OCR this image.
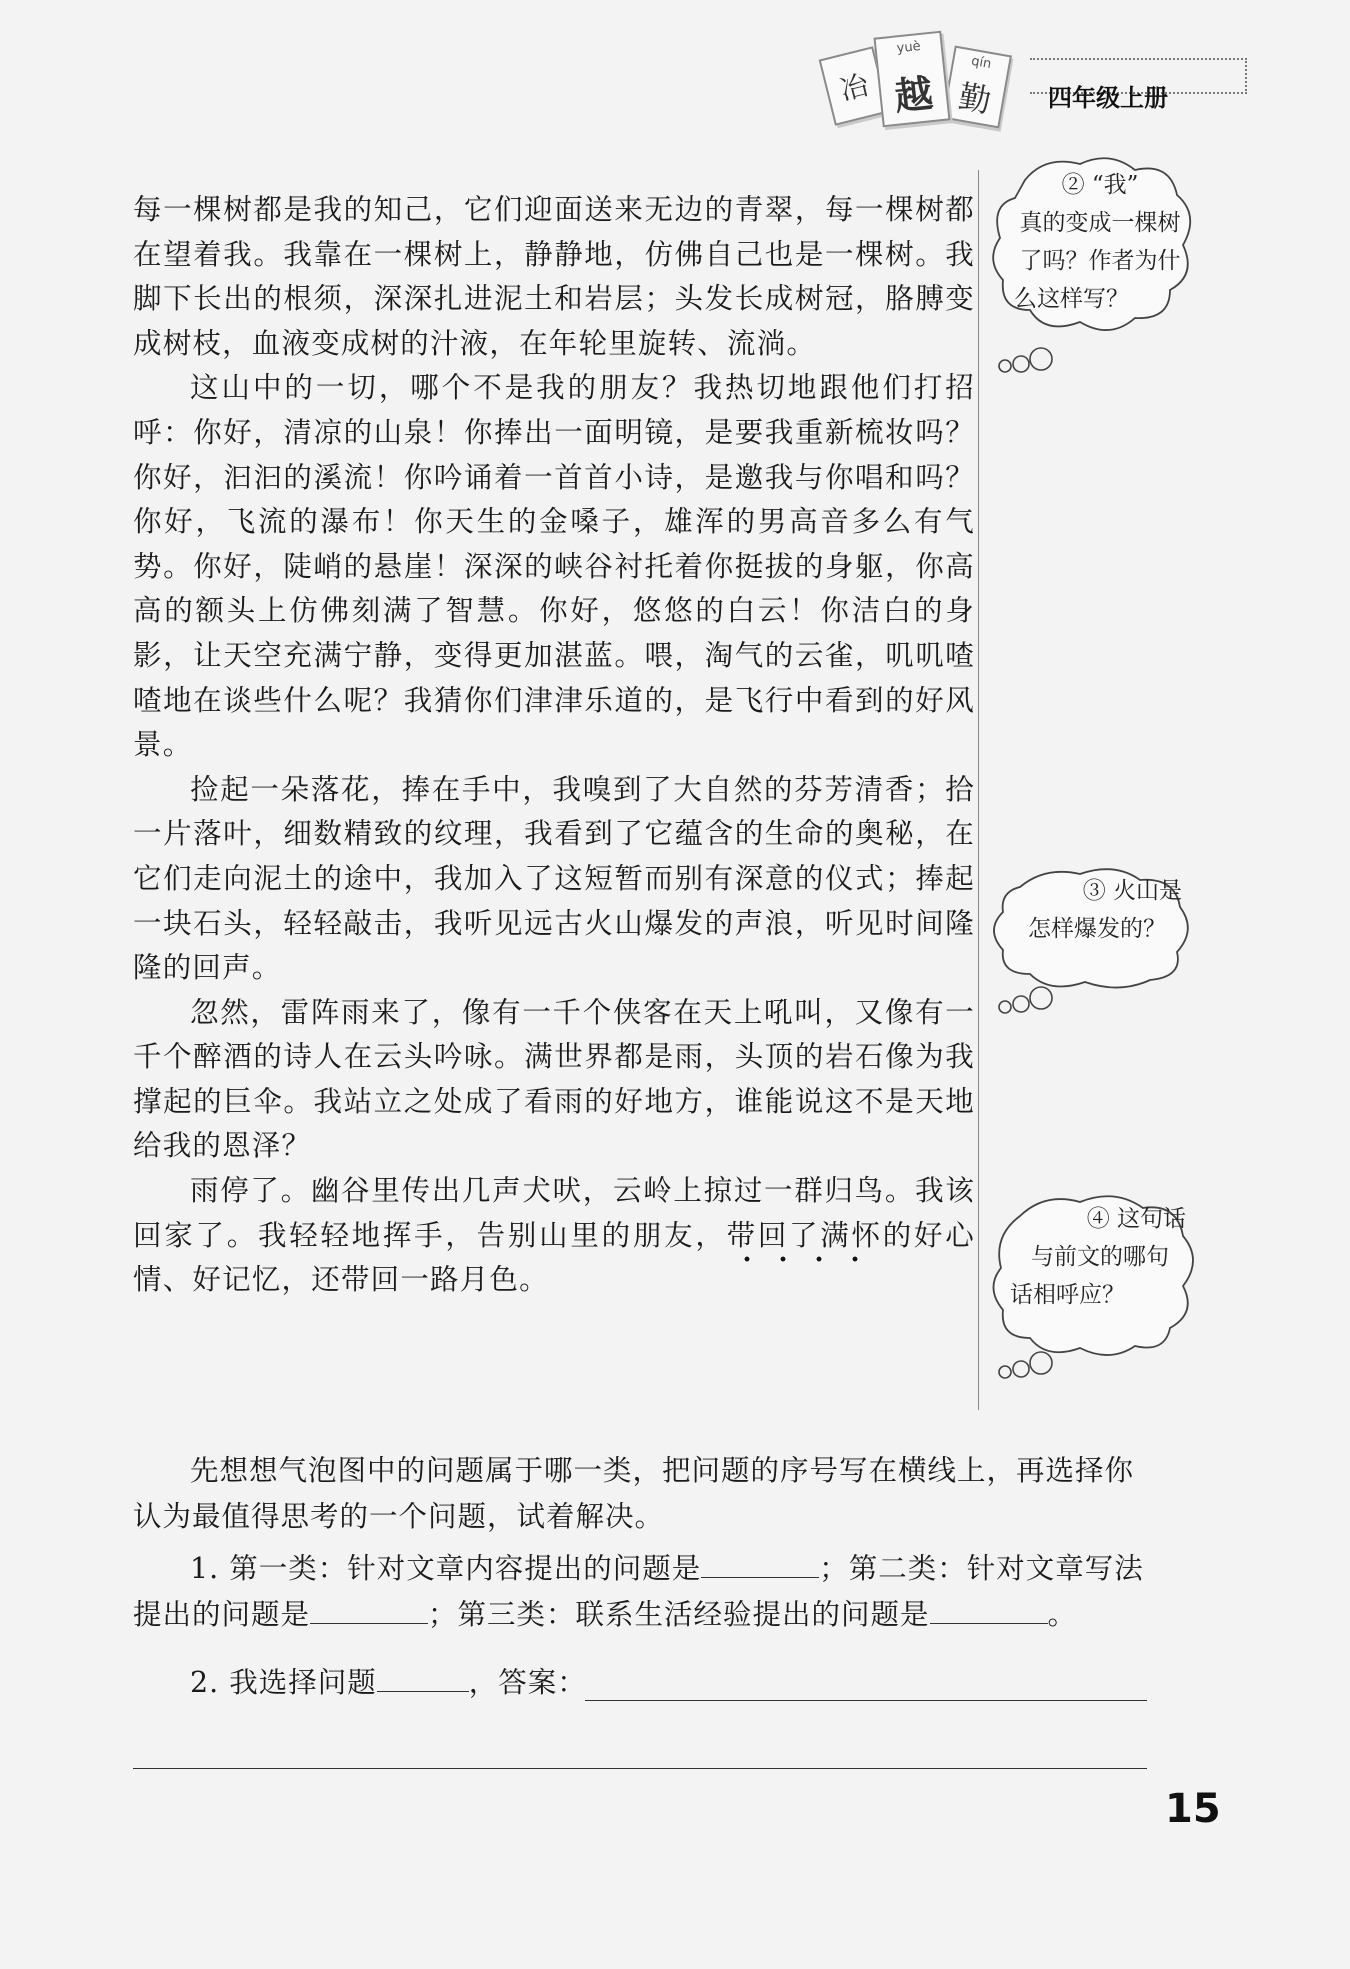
冶
yuè
越
qín
勤	四年级上册

每一棵树都是我的知己，它们迎面送来无边的青翠，每一棵树都在望着我。我靠在一棵树上，静静地，仿佛自己也是一棵树。我脚下长出的根须，深深扎进泥土和岩层；头发长成树冠，胳膊变成树枝，血液变成树的汁液，在年轮里旋转、流淌。

这山中的一切，哪个不是我的朋友？我热切地跟他们打招呼：你好，清凉的山泉！你捧出一面明镜，是要我重新梳妆吗？你好，汩汩的溪流！你吟诵着一首首小诗，是邀我与你唱和吗？你好，飞流的瀑布！你天生的金嗓子，雄浑的男高音多么有气势。你好，陡峭的悬崖！深深的峡谷衬托着你挺拔的身躯，你高高的额头上仿佛刻满了智慧。你好，悠悠的白云！你洁白的身影，让天空充满宁静，变得更加湛蓝。喂，淘气的云雀，叽叽喳喳地在谈些什么呢？我猜你们津津乐道的，是飞行中看到的好风景。

捡起一朵落花，捧在手中，我嗅到了大自然的芬芳清香；拾一片落叶，细数精致的纹理，我看到了它蕴含的生命的奥秘，在它们走向泥土的途中，我加入了这短暂而别有深意的仪式；捧起一块石头，轻轻敲击，我听见远古火山爆发的声浪，听见时间隆隆的回声。

忽然，雷阵雨来了，像有一千个侠客在天上吼叫，又像有一千个醉酒的诗人在云头吟咏。满世界都是雨，头顶的岩石像为我撑起的巨伞。我站立之处成了看雨的好地方，谁能说这不是天地给我的恩泽？

雨停了。幽谷里传出几声犬吠，云岭上掠过一群归鸟。我该回家了。我轻轻地挥手，告别山里的朋友，带回了满怀的好心情、好记忆，还带回一路月色。

② “我”
真的变成一棵树
了吗？作者为什
么这样写？
③ 火山是
怎样爆发的？
④ 这句话
与前文的哪句
话相呼应？

先想想气泡图中的问题属于哪一类，把问题的序号写在横线上，再选择你认为最值得思考的一个问题，试着解决。

1. 第一类：针对文章内容提出的问题是	；第二类：针对文章写法提出的问题是	；第三类：联系生活经验提出的问题是	。

2. 我选择问题	，答案：

15
